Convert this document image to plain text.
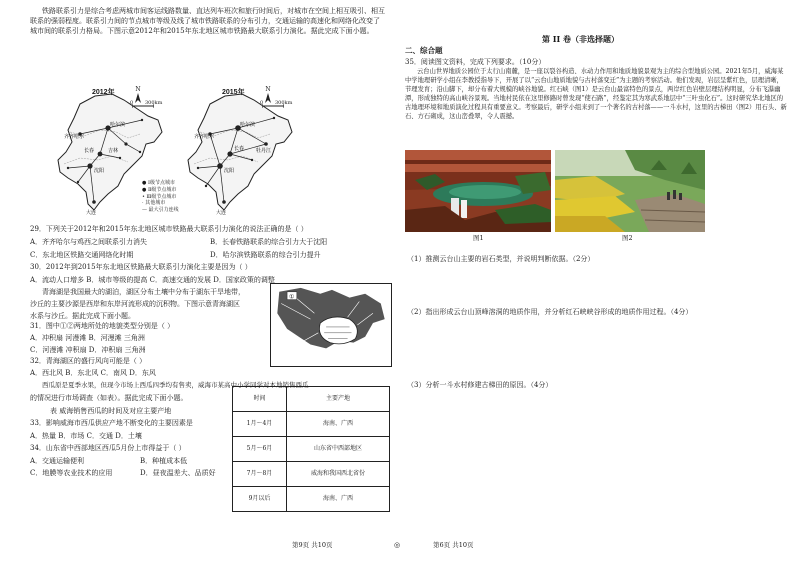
铁路联系引力是综合考虑两城市间客运线路数量、直达列车班次和旅行时间后，对城市在空间上相互吸引、相互联系的强弱程度。联系引力间的节点城市等级及线了城市铁路联系的分布引力，交通运输的高速化和网络化改变了城市间的联系引力格局。下图示意2012年和2015年东北地区城市铁路最大联系引力演化。据此完成下面小题。
齐齐哈尔
哈尔滨
吉林
长春
沈阳
大连
2012年	N
0 300km
齐齐哈尔
哈尔滨
牡丹江
长春
沈阳
大连
2015年	N
0 300km
● Ⅰ级节点城市
● Ⅱ级节点城市
• Ⅲ级节点城市
· 其他城市
— 最大引力连线
29．下列关于2012年和2015年东北地区城市铁路最大联系引力演化的说法正确的是（ ）
A．齐齐哈尔与鸡西之间联系引力消失	B．长春铁路联系的综合引力大于沈阳
C．东北地区铁路交通网络化时期	D．哈尔滨铁路联系的综合引力提升
30．2012年到2015年东北地区铁路最大联系引力演化主要是因为（ ）
A．流动人口增多 B．城市等级的提高 C．高速交通的发展 D．国家政策的调整
青海湖是我国最大的湖泊，湖区分布土壤中分布于湖东干旱地带，
沙丘的主要沙源是西岸和东岸河流形成的沉积物。下图示意青海湖区
水系与沙丘。据此完成下面小题。
①
②
31．图中①②两地所处的地貌类型分别是（ ）
A．冲积扇 河漫滩 B．河漫滩 三角洲
C．河漫滩 冲积扇 D．冲积扇 三角洲
32．青海湖区的盛行风向可能是（ ）
A．西北风 B．东北风 C．南风 D．东风
西瓜原是夏季水果，但现今市场上西瓜四季均有售卖，威海市某高中小学同学对本地销售西瓜
的情况进行市场调查（如表）。据此完成下面小题。
表 威海销售西瓜的时间及对应主要产地
时间	主要产地
1月～4月	海南、广西
5月～6月	山东省中西部地区
7月～8月	威海和我国西北省份
9月以后	海南、广西
33．影响威海市西瓜供应产地不断变化的主要因素是
A．热量 B．市场 C．交通 D．土壤
34．山东省中西部地区西瓜5月份上市得益于（ ）
A．交通运输便利	B．种植成本低
C．地膜等农业技术的应用	D．昼夜温差大、品质好
第9页 共10页	◎
第 II 卷（非选择题）
二、综合题
35．阅读图文资料，完成下列要求。（10分）
云台山世界地质公园位于太行山南麓，是一座以裂谷构造、水动力作用和地质地貌景观为主的综合型地质公园。2021年5月，威海某中学地理研学小组在李教授指导下，开展了以“云台山地质地貌与古村落变迁”为主题的考察活动。他们发现，岩层呈紫红色，层理清晰，节理发育；沿山脚下，却分布着大规模的峡谷地貌。红石峡（图1）是云台山最富特色的景点，两岸红色岩壁层理结构明显，分布飞瀑幽潭，形成独特的高山峡谷景观。当地村民依在这里修路时曾发现“使石路”，经鉴定其为寒武系地层中“三叶虫化石”。这时研究华北地区的古地理环境和地质演化过程具有重要意义。考察最后，研学小组来到了一个著名的古村落——一斗水村，这里的古梯田（图2）用石头、新石、方石砌成，这山峦叠翠，令人震撼。
图1	图2
（1）推测云台山主要的岩石类型，并说明判断依据。（2分）
（2）指出形成云台山顶峰溶洞的地质作用，并分析红石峡峡谷形成的地质作用过程。（4分）
（3）分析一斗水村修建古梯田的原因。（4分）
第6页 共10页
